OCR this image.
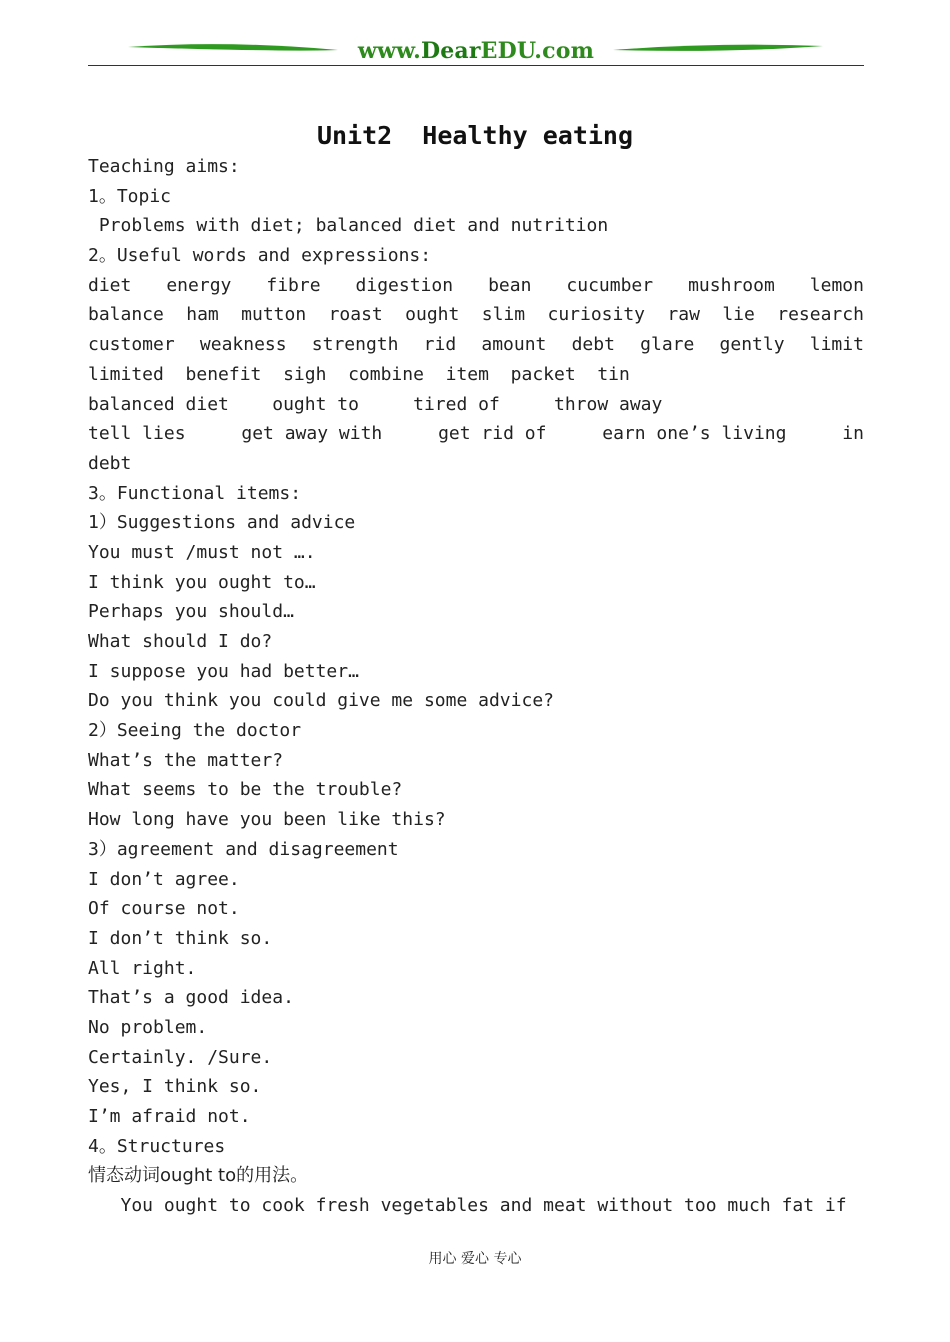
www.DearEDU.com
Unit2  Healthy eating
Teaching aims:
1。Topic
Problems with diet; balanced diet and nutrition
2。Useful words and expressions:
diet energy fibre digestion bean cucumber mushroom lemon
balance ham mutton roast ought slim curiosity raw lie research
customer weakness strength rid amount debt glare gently limit
limited  benefit  sigh  combine  item  packet  tin
balanced diet    ought to     tired of     throw away
tell lies	get away with	get rid of	earn one’s living	in
debt
3。Functional items:
1）Suggestions and advice
You must /must not ….
I think you ought to…
Perhaps you should…
What should I do?
I suppose you had better…
Do you think you could give me some advice?
2）Seeing the doctor
What’s the matter?
What seems to be the trouble?
How long have you been like this?
3）agreement and disagreement
I don’t agree.
Of course not.
I don’t think so.
All right.
That’s a good idea.
No problem.
Certainly. /Sure.
Yes, I think so.
I’m afraid not.
4。Structures
情态动词ought to的用法。
You ought to cook fresh vegetables and meat without too much fat if
用心 爱心 专心
